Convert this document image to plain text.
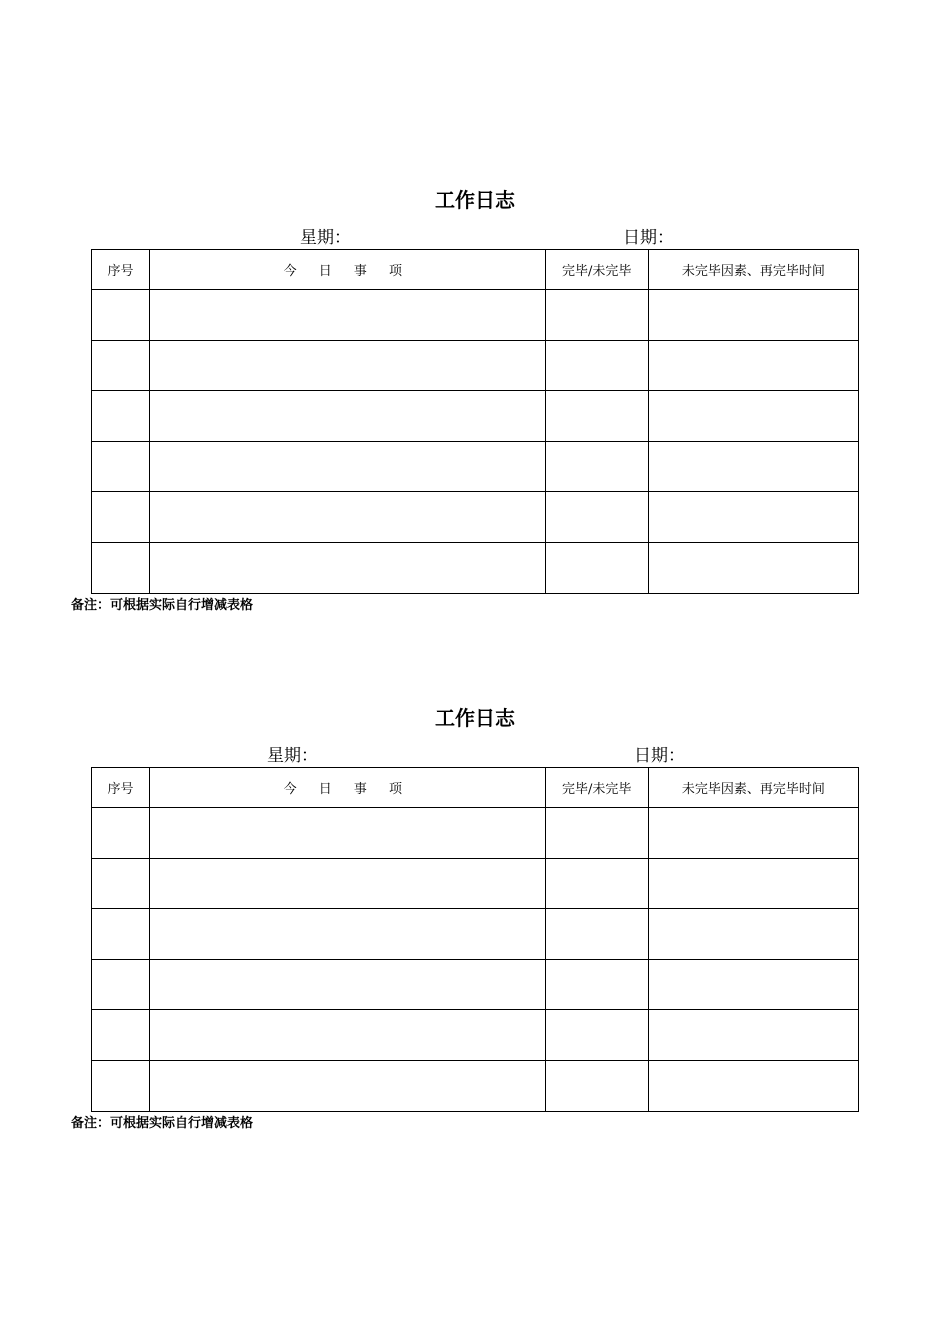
工作日志
星期：	日期：
序号	今 日 事 项	完毕/未完毕	未完毕因素、再完毕时间

备注：可根据实际自行增减表格
工作日志
星期：	日期：
序号	今 日 事 项	完毕/未完毕	未完毕因素、再完毕时间

备注：可根据实际自行增减表格
